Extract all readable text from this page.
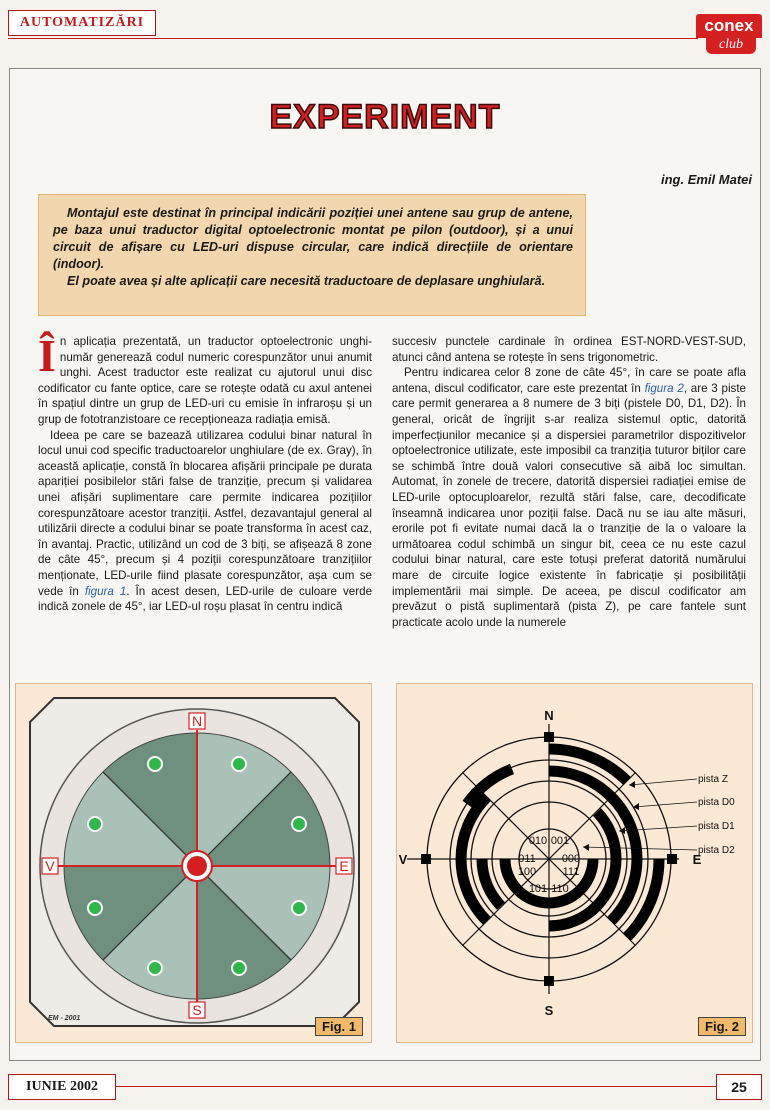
AUTOMATIZĂRI	conex
club
EXPERIMENT
ing. Emil Matei

Montajul este destinat în principal indicării poziției unei antene sau grup de antene, pe baza unui traductor digital optoelectronic montat pe pilon (outdoor), și a unui circuit de afișare cu LED-uri dispuse circular, care indică direcțiile de orientare (indoor).

El poate avea și alte aplicații care necesită traductoare de deplasare unghiulară.

În aplicația prezentată, un traductor optoelectronic unghi-număr generează codul numeric corespunzător unui anumit unghi. Acest traductor este realizat cu ajutorul unui disc codificator cu fante optice, care se rotește odată cu axul antenei în spațiul dintre un grup de LED-uri cu emisie în infraroșu și un grup de fototranzistoare ce recepționeaza radiația emisă.

Ideea pe care se bazează utilizarea codului binar natural în locul unui cod specific traductoarelor unghiulare (de ex. Gray), în această aplicație, constă în blocarea afișării principale pe durata apariției posibilelor stări false de tranziție, precum și validarea unei afișări suplimentare care permite indicarea pozițiilor corespunzătoare acestor tranziții. Astfel, dezavantajul general al utilizării directe a codului binar se poate transforma în acest caz, în avantaj. Practic, utilizând un cod de 3 biți, se afișează 8 zone de câte 45°, precum și 4 poziții corespunzătoare tranzițiilor menționate, LED-urile fiind plasate corespunzător, așa cum se vede în figura 1. În acest desen, LED-urile de culoare verde indică zonele de 45°, iar LED-ul roșu plasat în centru indică

succesiv punctele cardinale în ordinea EST-NORD-VEST-SUD, atunci când antena se rotește în sens trigonometric.

Pentru indicarea celor 8 zone de câte 45°, în care se poate afla antena, discul codificator, care este prezentat în figura 2, are 3 piste care permit generarea a 8 numere de 3 biți (pistele D0, D1, D2). În general, oricât de îngrijit s-ar realiza sistemul optic, datorită imperfecțiunilor mecanice și a dispersiei parametrilor dispozitivelor optoelectronice utilizate, este imposibil ca tranziția tuturor biților care se schimbă între două valori consecutive să aibă loc simultan. Automat, în zonele de trecere, datorită dispersiei radiației emise de LED-urile optocuploarelor, rezultă stări false, care, decodificate înseamnă indicarea unor poziții false. Dacă nu se iau alte măsuri, erorile pot fi evitate numai dacă la o tranziție de la o valoare la următoarea codul schimbă un singur bit, ceea ce nu este cazul codului binar natural, care este totuși preferat datorită numărului mare de circuite logice existente în fabricație și posibilității implementării mai simple. De aceea, pe discul codificator am prevăzut o pistă suplimentară (pista Z), pe care fantele sunt practicate acolo unde la numerele

N
S
E
V
EM - 2001
Fig. 1
010 001
011 000
100 111
101 110
N
S
E
V
pista Z
pista D0
pista D1
pista D2
Fig. 2
IUNIE 2002	25
